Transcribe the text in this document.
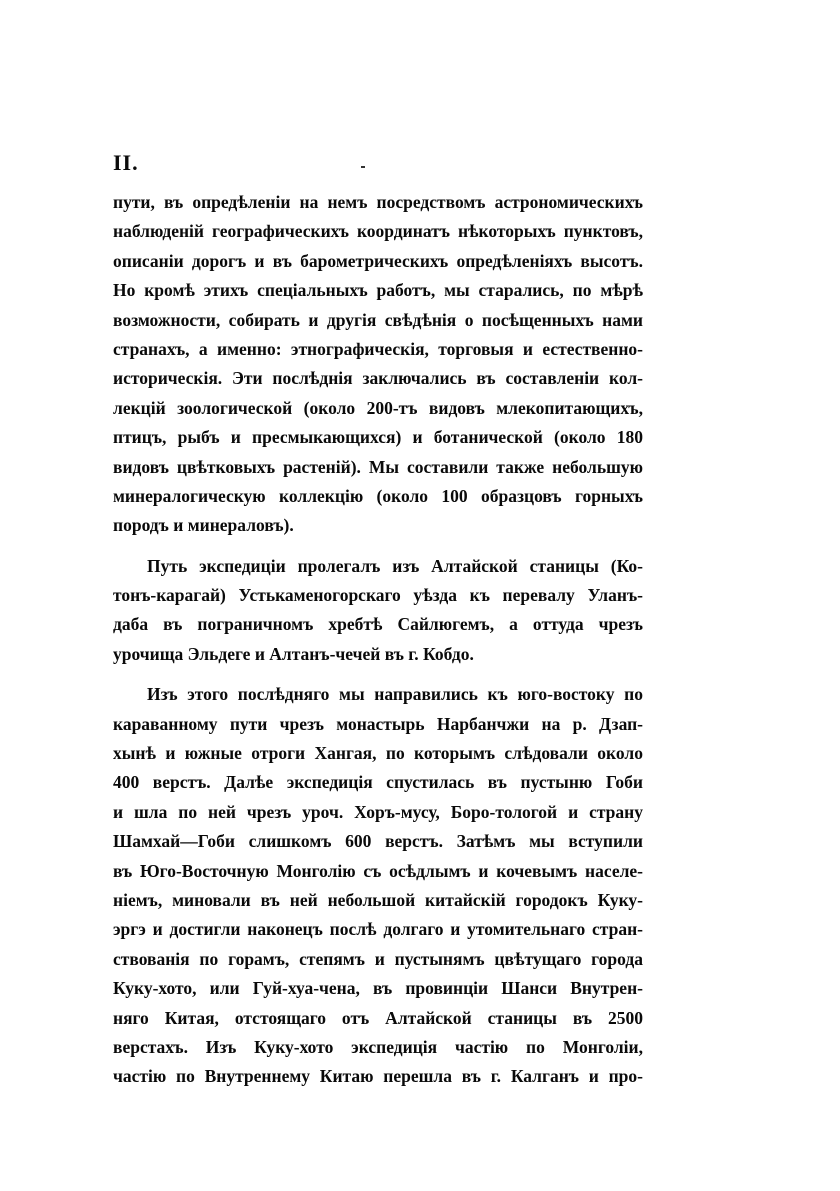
II.

пути, въ опредѣленіи на немъ посредствомъ астрономическихъ
наблюденій географическихъ координатъ нѣкоторыхъ пунктовъ,
описаніи дорогъ и въ барометрическихъ опредѣленіяхъ высотъ.
Но кромѣ этихъ спеціальныхъ работъ, мы старались, по мѣрѣ
возможности, собирать и другія свѣдѣнія о посѣщенныхъ нами
странахъ, а именно: этнографическія, торговыя и естественно-
историческія. Эти послѣднія заключались въ составленіи кол-
лекцій зоологической (около 200-тъ видовъ млекопитающихъ,
птицъ, рыбъ и пресмыкающихся) и ботанической (около 180
видовъ цвѣтковыхъ растеній). Мы составили также небольшую
минералогическую коллекцію (около 100 образцовъ горныхъ
породъ и минераловъ).

Путь экспедиціи пролегалъ изъ Алтайской станицы (Ко-
тонъ-карагай) Устькаменогорскаго уѣзда къ перевалу Уланъ-
даба въ пограничномъ хребтѣ Сайлюгемъ, а оттуда чрезъ
урочища Эльдеге и Алтанъ-чечей въ г. Кобдо.

Изъ этого послѣдняго мы направились къ юго-востоку по
караванному пути чрезъ монастырь Нарбанчжи на р. Дзап-
хынѣ и южные отроги Хангая, по которымъ слѣдовали около
400 верстъ. Далѣе экспедиція спустилась въ пустыню Гоби
и шла по ней чрезъ уроч. Хоръ-мусу, Боро-тологой и страну
Шамхай—Гоби слишкомъ 600 верстъ. Затѣмъ мы вступили
въ Юго-Восточную Монголію съ осѣдлымъ и кочевымъ населе-
ніемъ, миновали въ ней небольшой китайскій городокъ Куку-
эргэ и достигли наконецъ послѣ долгаго и утомительнаго стран-
ствованія по горамъ, степямъ и пустынямъ цвѣтущаго города
Куку-хото, или Гуй-хуа-чена, въ провинціи Шанси Внутрен-
няго Китая, отстоящаго отъ Алтайской станицы въ 2500
верстахъ. Изъ Куку-хото экспедиція частію по Монголіи,
частію по Внутреннему Китаю перешла въ г. Калганъ и про-
